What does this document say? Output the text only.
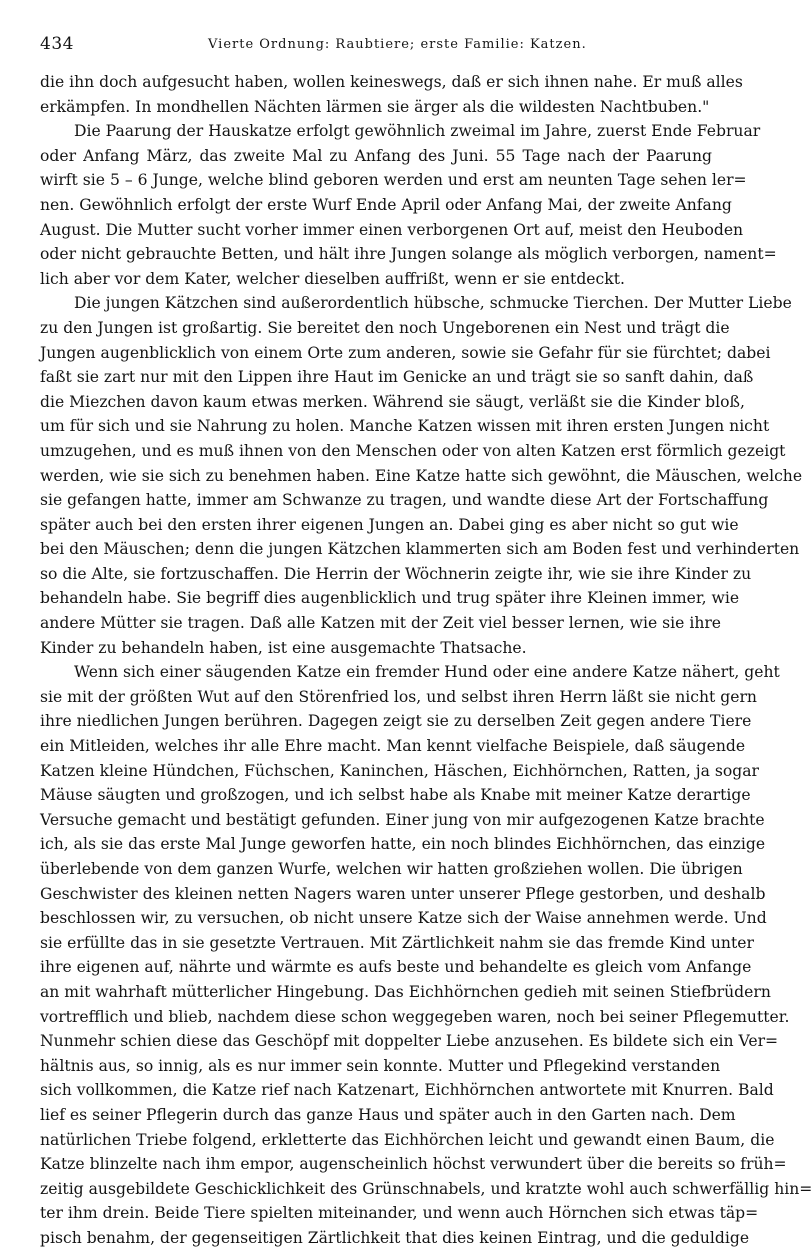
434	Vierte Ordnung: Raubtiere; erste Familie: Katzen.
die ihn doch aufgesucht haben, wollen keineswegs, daß er sich ihnen nahe. Er muß alles
erkämpfen. In mondhellen Nächten lärmen sie ärger als die wildesten Nachtbuben."
Die Paarung der Hauskatze erfolgt gewöhnlich zweimal im Jahre, zuerst Ende Februar
oder Anfang März, das zweite Mal zu Anfang des Juni. 55 Tage nach der Paarung
wirft sie 5 – 6 Junge, welche blind geboren werden und erst am neunten Tage sehen ler=
nen. Gewöhnlich erfolgt der erste Wurf Ende April oder Anfang Mai, der zweite Anfang
August. Die Mutter sucht vorher immer einen verborgenen Ort auf, meist den Heuboden
oder nicht gebrauchte Betten, und hält ihre Jungen solange als möglich verborgen, nament=
lich aber vor dem Kater, welcher dieselben auffrißt, wenn er sie entdeckt.
Die jungen Kätzchen sind außerordentlich hübsche, schmucke Tierchen. Der Mutter Liebe
zu den Jungen ist großartig. Sie bereitet den noch Ungeborenen ein Nest und trägt die
Jungen augenblicklich von einem Orte zum anderen, sowie sie Gefahr für sie fürchtet; dabei
faßt sie zart nur mit den Lippen ihre Haut im Genicke an und trägt sie so sanft dahin, daß
die Miezchen davon kaum etwas merken. Während sie säugt, verläßt sie die Kinder bloß,
um für sich und sie Nahrung zu holen. Manche Katzen wissen mit ihren ersten Jungen nicht
umzugehen, und es muß ihnen von den Menschen oder von alten Katzen erst förmlich gezeigt
werden, wie sie sich zu benehmen haben. Eine Katze hatte sich gewöhnt, die Mäuschen, welche
sie gefangen hatte, immer am Schwanze zu tragen, und wandte diese Art der Fortschaffung
später auch bei den ersten ihrer eigenen Jungen an. Dabei ging es aber nicht so gut wie
bei den Mäuschen; denn die jungen Kätzchen klammerten sich am Boden fest und verhinderten
so die Alte, sie fortzuschaffen. Die Herrin der Wöchnerin zeigte ihr, wie sie ihre Kinder zu
behandeln habe. Sie begriff dies augenblicklich und trug später ihre Kleinen immer, wie
andere Mütter sie tragen. Daß alle Katzen mit der Zeit viel besser lernen, wie sie ihre
Kinder zu behandeln haben, ist eine ausgemachte Thatsache.
Wenn sich einer säugenden Katze ein fremder Hund oder eine andere Katze nähert, geht
sie mit der größten Wut auf den Störenfried los, und selbst ihren Herrn läßt sie nicht gern
ihre niedlichen Jungen berühren. Dagegen zeigt sie zu derselben Zeit gegen andere Tiere
ein Mitleiden, welches ihr alle Ehre macht. Man kennt vielfache Beispiele, daß säugende
Katzen kleine Hündchen, Füchschen, Kaninchen, Häschen, Eichhörnchen, Ratten, ja sogar
Mäuse säugten und großzogen, und ich selbst habe als Knabe mit meiner Katze derartige
Versuche gemacht und bestätigt gefunden. Einer jung von mir aufgezogenen Katze brachte
ich, als sie das erste Mal Junge geworfen hatte, ein noch blindes Eichhörnchen, das einzige
überlebende von dem ganzen Wurfe, welchen wir hatten großziehen wollen. Die übrigen
Geschwister des kleinen netten Nagers waren unter unserer Pflege gestorben, und deshalb
beschlossen wir, zu versuchen, ob nicht unsere Katze sich der Waise annehmen werde. Und
sie erfüllte das in sie gesetzte Vertrauen. Mit Zärtlichkeit nahm sie das fremde Kind unter
ihre eigenen auf, nährte und wärmte es aufs beste und behandelte es gleich vom Anfange
an mit wahrhaft mütterlicher Hingebung. Das Eichhörnchen gedieh mit seinen Stiefbrüdern
vortrefflich und blieb, nachdem diese schon weggegeben waren, noch bei seiner Pflegemutter.
Nunmehr schien diese das Geschöpf mit doppelter Liebe anzusehen. Es bildete sich ein Ver=
hältnis aus, so innig, als es nur immer sein konnte. Mutter und Pflegekind verstanden
sich vollkommen, die Katze rief nach Katzenart, Eichhörnchen antwortete mit Knurren. Bald
lief es seiner Pflegerin durch das ganze Haus und später auch in den Garten nach. Dem
natürlichen Triebe folgend, erkletterte das Eichhörchen leicht und gewandt einen Baum, die
Katze blinzelte nach ihm empor, augenscheinlich höchst verwundert über die bereits so früh=
zeitig ausgebildete Geschicklichkeit des Grünschnabels, und kratzte wohl auch schwerfällig hin=
ter ihm drein. Beide Tiere spielten miteinander, und wenn auch Hörnchen sich etwas täp=
pisch benahm, der gegenseitigen Zärtlichkeit that dies keinen Eintrag, und die geduldige
